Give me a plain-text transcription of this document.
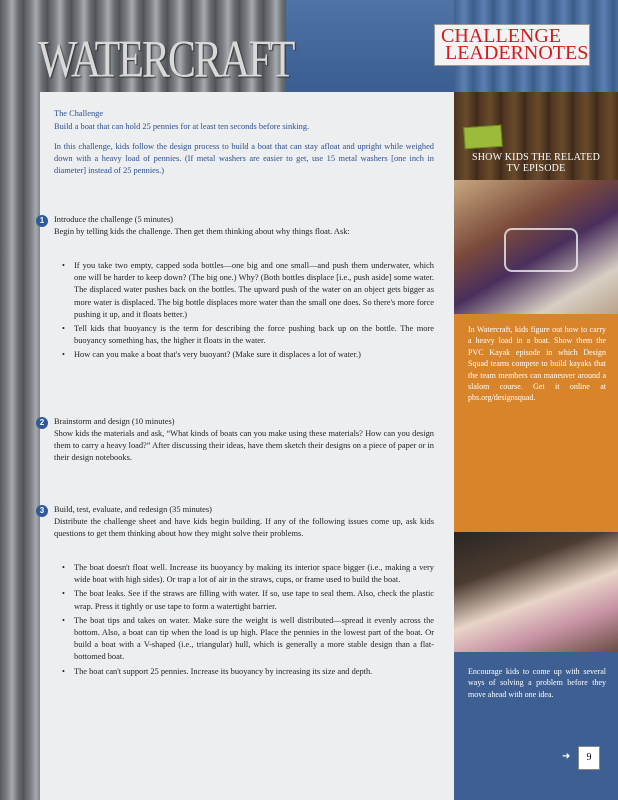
WATERCRAFT	CHALLENGE
LEADERNOTES

The Challenge

Build a boat that can hold 25 pennies for at least ten seconds before sinking.

In this challenge, kids follow the design process to build a boat that can stay afloat and upright while weighed down with a heavy load of pennies. (If metal washers are easier to get, use 15 metal washers [one inch in diameter] instead of 25 pennies.)

1	Introduce the challenge (5 minutes)

Begin by telling kids the challenge. Then get them thinking about why things float. Ask:

• If you take two empty, capped soda bottles—one big and one small—and push them underwater, which one will be harder to keep down? (The big one.) Why? (Both bottles displace [i.e., push aside] some water. The displaced water pushes back on the bottles. The upward push of the water on an object gets bigger as more water is displaced. The big bottle displaces more water than the small one does. So there's more force pushing it up, and it floats better.)
• Tell kids that buoyancy is the term for describing the force pushing back up on the bottle. The more buoyancy something has, the higher it floats in the water.
• How can you make a boat that's very buoyant? (Make sure it displaces a lot of water.)
2	Brainstorm and design (10 minutes)

Show kids the materials and ask, “What kinds of boats can you make using these materials? How can you design them to carry a heavy load?” After discussing their ideas, have them sketch their designs on a piece of paper or in their design notebooks.

3	Build, test, evaluate, and redesign (35 minutes)

Distribute the challenge sheet and have kids begin building. If any of the following issues come up, ask kids questions to get them thinking about how they might solve their problems.

• The boat doesn't float well. Increase its buoyancy by making its interior space bigger (i.e., making a very wide boat with high sides). Or trap a lot of air in the straws, cups, or frame used to build the boat.
• The boat leaks. See if the straws are filling with water. If so, use tape to seal them. Also, check the plastic wrap. Press it tightly or use tape to form a watertight barrier.
• The boat tips and takes on water. Make sure the weight is well distributed—spread it evenly across the bottom. Also, a boat can tip when the load is up high. Place the pennies in the lowest part of the boat. Or build a boat with a V-shaped (i.e., triangular) hull, which is generally a more stable design than a flat-bottomed boat.
• The boat can't support 25 pennies. Increase its buoyancy by increasing its size and depth.
SHOW KIDS THE RELATED TV EPISODE
In Watercraft, kids figure out how to carry a heavy load in a boat. Show them the PVC Kayak episode in which Design Squad teams compete to build kayaks that the team members can maneuver around a slalom course. Get it online at pbs.org/designsquad.
Encourage kids to come up with several ways of solving a problem before they move ahead with one idea.
➜	9
